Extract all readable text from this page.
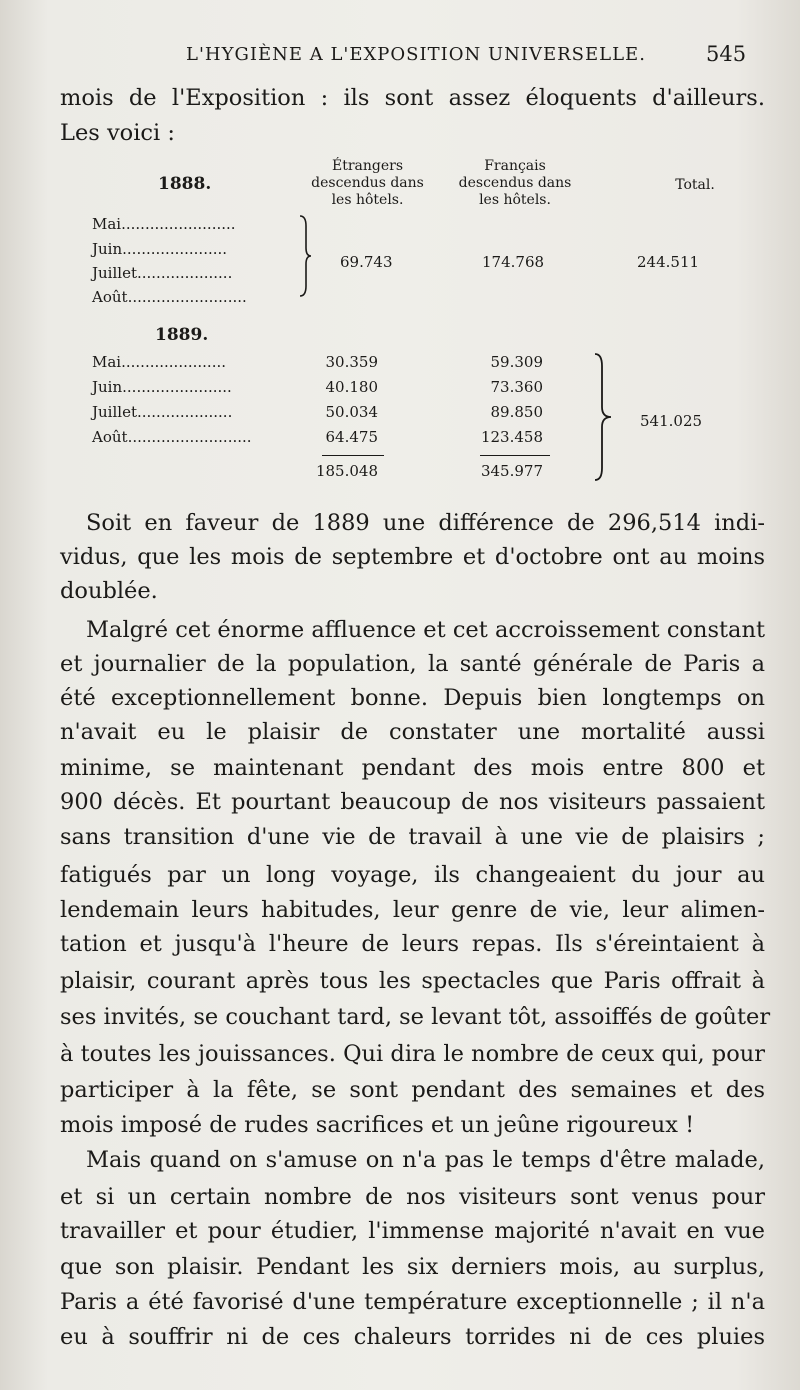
L'HYGIÈNE A L'EXPOSITION UNIVERSELLE.	545
mois de l'Exposition : ils sont assez éloquents d'ailleurs.
Les voici :
Étrangers
descendus dans
les hôtels.
Français
descendus dans
les hôtels.
Total.
1888.
Mai........................
Juin......................
Juillet....................
Août.........................
69.743	174.768	244.511
1889.
Mai......................	30.359	59.309
Juin.......................	40.180	73.360
Juillet....................	50.034	89.850
Août..........................	64.475	123.458
185.048	345.977
541.025
Soit en faveur de 1889 une différence de 296,514 indi-
vidus, que les mois de septembre et d'octobre ont au moins
doublée.
Malgré cet énorme affluence et cet accroissement constant
et journalier de la population, la santé générale de Paris a
été exceptionnellement bonne. Depuis bien longtemps on
n'avait eu le plaisir de constater une mortalité aussi
minime, se maintenant pendant des mois entre 800 et
900 décès. Et pourtant beaucoup de nos visiteurs passaient
sans transition d'une vie de travail à une vie de plaisirs ;
fatigués par un long voyage, ils changeaient du jour au
lendemain leurs habitudes, leur genre de vie, leur alimen-
tation et jusqu'à l'heure de leurs repas. Ils s'éreintaient à
plaisir, courant après tous les spectacles que Paris offrait à
ses invités, se couchant tard, se levant tôt, assoiffés de goûter
à toutes les jouissances. Qui dira le nombre de ceux qui, pour
participer à la fête, se sont pendant des semaines et des
mois imposé de rudes sacrifices et un jeûne rigoureux !
Mais quand on s'amuse on n'a pas le temps d'être malade,
et si un certain nombre de nos visiteurs sont venus pour
travailler et pour étudier, l'immense majorité n'avait en vue
que son plaisir. Pendant les six derniers mois, au surplus,
Paris a été favorisé d'une température exceptionnelle ; il n'a
eu à souffrir ni de ces chaleurs torrides ni de ces pluies
